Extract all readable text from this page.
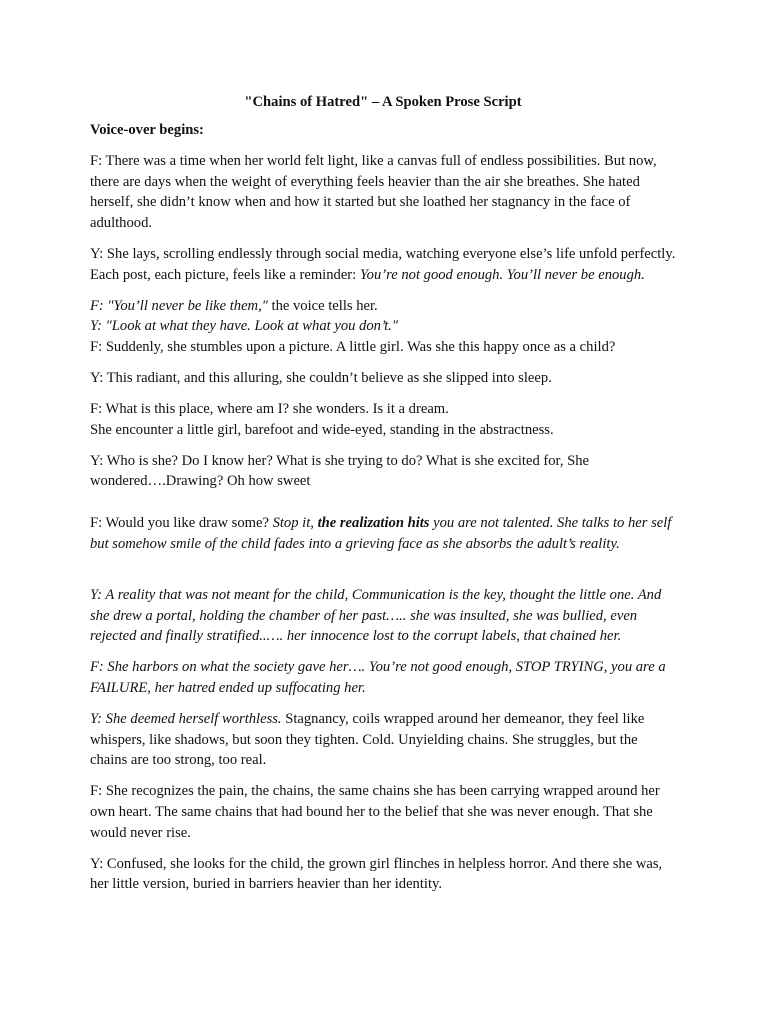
"Chains of Hatred" – A Spoken Prose Script

Voice-over begins:

F: There was a time when her world felt light, like a canvas full of endless possibilities. But now, there are days when the weight of everything feels heavier than the air she breathes. She hated herself, she didn’t know when and how it started but she loathed her stagnancy in the face of adulthood.

Y: She lays, scrolling endlessly through social media, watching everyone else’s life unfold perfectly. Each post, each picture, feels like a reminder: You’re not good enough. You’ll never be enough.

F: "You’ll never be like them," the voice tells her.

Y: "Look at what they have. Look at what you don’t."

F: Suddenly, she stumbles upon a picture. A little girl. Was she this happy once as a child?

Y: This radiant, and this alluring, she couldn’t believe as she slipped into sleep.

F: What is this place, where am I? she wonders. Is it a dream.

She encounter a little girl, barefoot and wide-eyed, standing in the abstractness.

Y: Who is she? Do I know her? What is she trying to do? What is she excited for, She wondered….Drawing? Oh how sweet

F: Would you like draw some? Stop it, the realization hits you are not talented. She talks to her self but somehow smile of the child fades into a grieving face as she absorbs the adult’s reality.

Y: A reality that was not meant for the child, Communication is the key, thought the little one. And she drew a portal, holding the chamber of her past….. she was insulted, she was bullied, even rejected and finally stratified..…. her innocence lost to the corrupt labels, that chained her.

F: She harbors on what the society gave her…. You’re not good enough, STOP TRYING, you are a FAILURE, her hatred ended up suffocating her.

Y: She deemed herself worthless. Stagnancy, coils wrapped around her demeanor, they feel like whispers, like shadows, but soon they tighten. Cold. Unyielding chains. She struggles, but the chains are too strong, too real.

F: She recognizes the pain, the chains, the same chains she has been carrying wrapped around her own heart. The same chains that had bound her to the belief that she was never enough. That she would never rise.

Y: Confused, she looks for the child, the grown girl flinches in helpless horror. And there she was, her little version, buried in barriers heavier than her identity.
